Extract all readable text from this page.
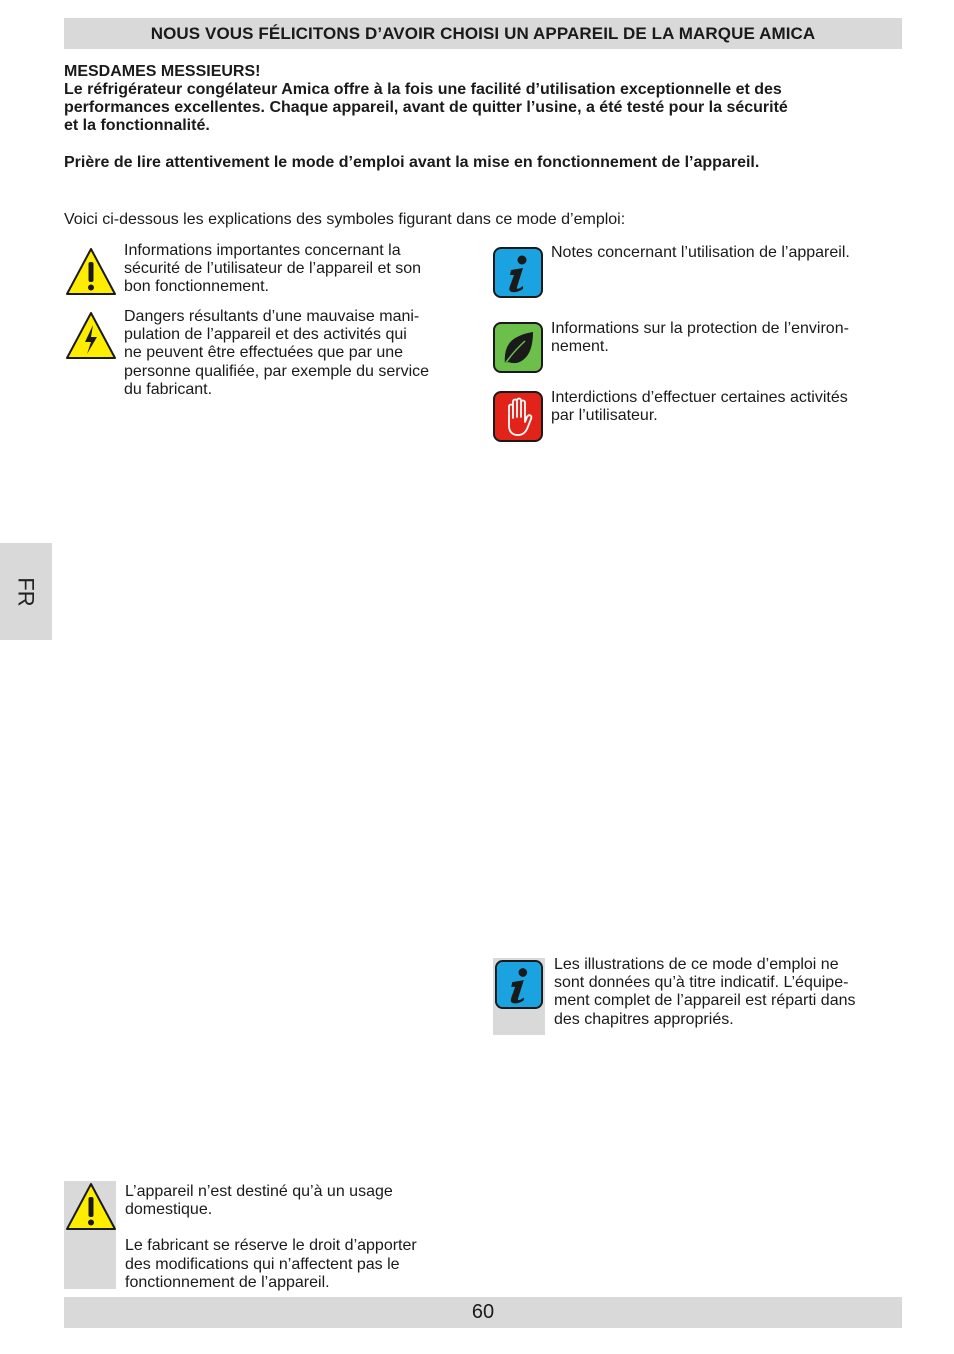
NOUS VOUS FÉLICITONS D’AVOIR CHOISI UN APPAREIL DE LA MARQUE AMICA
MESDAMES MESSIEURS!
Le réfrigérateur congélateur Amica offre à la fois une facilité d’utilisation exceptionnelle et des
performances excellentes. Chaque appareil, avant de quitter l’usine, a été testé pour la sécurité
et la fonctionnalité.
Prière de lire attentivement le mode d’emploi avant la mise en fonctionnement de l’appareil.
Voici ci-dessous les explications des symboles figurant dans ce mode d’emploi:
Informations importantes concernant la
sécurité de l’utilisateur de l’appareil et son
bon fonctionnement.
Dangers résultants d’une mauvaise mani-
pulation de l’appareil et des activités qui
ne peuvent être effectuées que par une
personne qualifiée, par exemple du service
du fabricant.
Notes concernant l’utilisation de l’appareil.
Informations sur la protection de l’environ-
nement.
Interdictions d’effectuer certaines activités
par l’utilisateur.
FR
Les illustrations de ce mode d’emploi ne
sont données qu’à titre indicatif. L’équipe-
ment complet de l’appareil est réparti dans
des chapitres appropriés.
L’appareil n’est destiné qu’à un usage
domestique.
Le fabricant se réserve le droit d’apporter
des modifications qui n’affectent pas le
fonctionnement de l’appareil.
60
